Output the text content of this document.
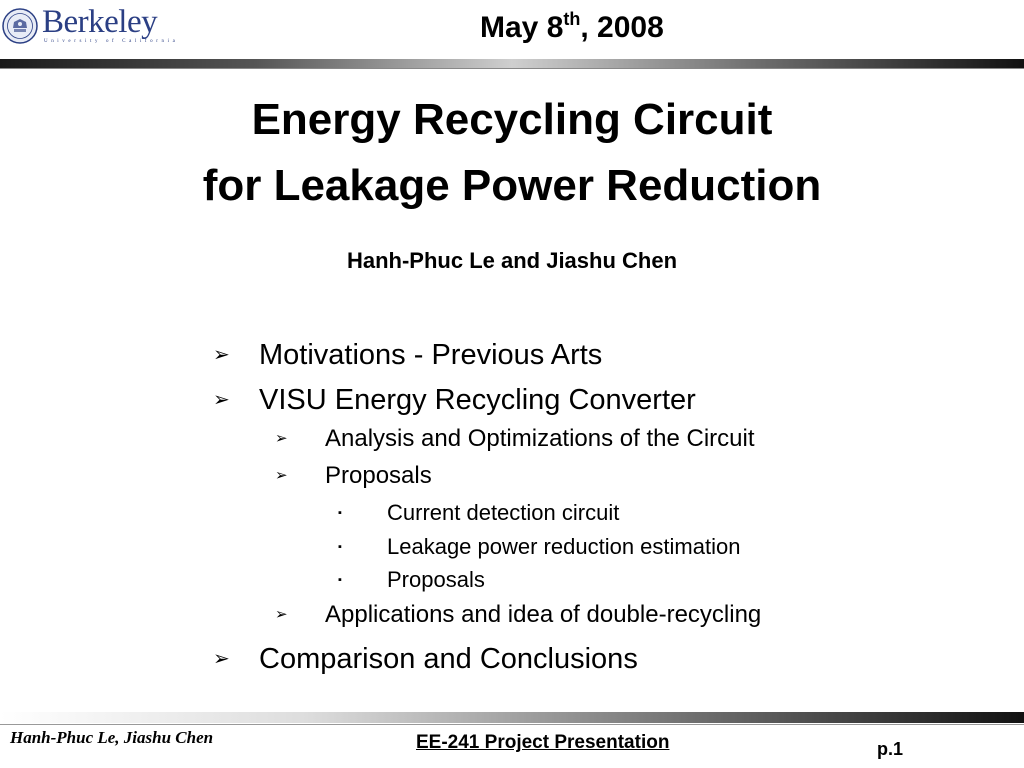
Berkeley
University of California	May 8th, 2008
Energy Recycling Circuit
for Leakage Power Reduction
Hanh-Phuc Le and Jiashu Chen
➢ Motivations - Previous Arts
➢ VISU Energy Recycling Converter
➢ Analysis and Optimizations of the Circuit
➢ Proposals
▪ Current detection circuit
▪ Leakage power reduction estimation
▪ Proposals
➢ Applications and idea of double-recycling
➢ Comparison and Conclusions
Hanh-Phuc Le, Jiashu Chen	EE-241 Project Presentation	p.1
